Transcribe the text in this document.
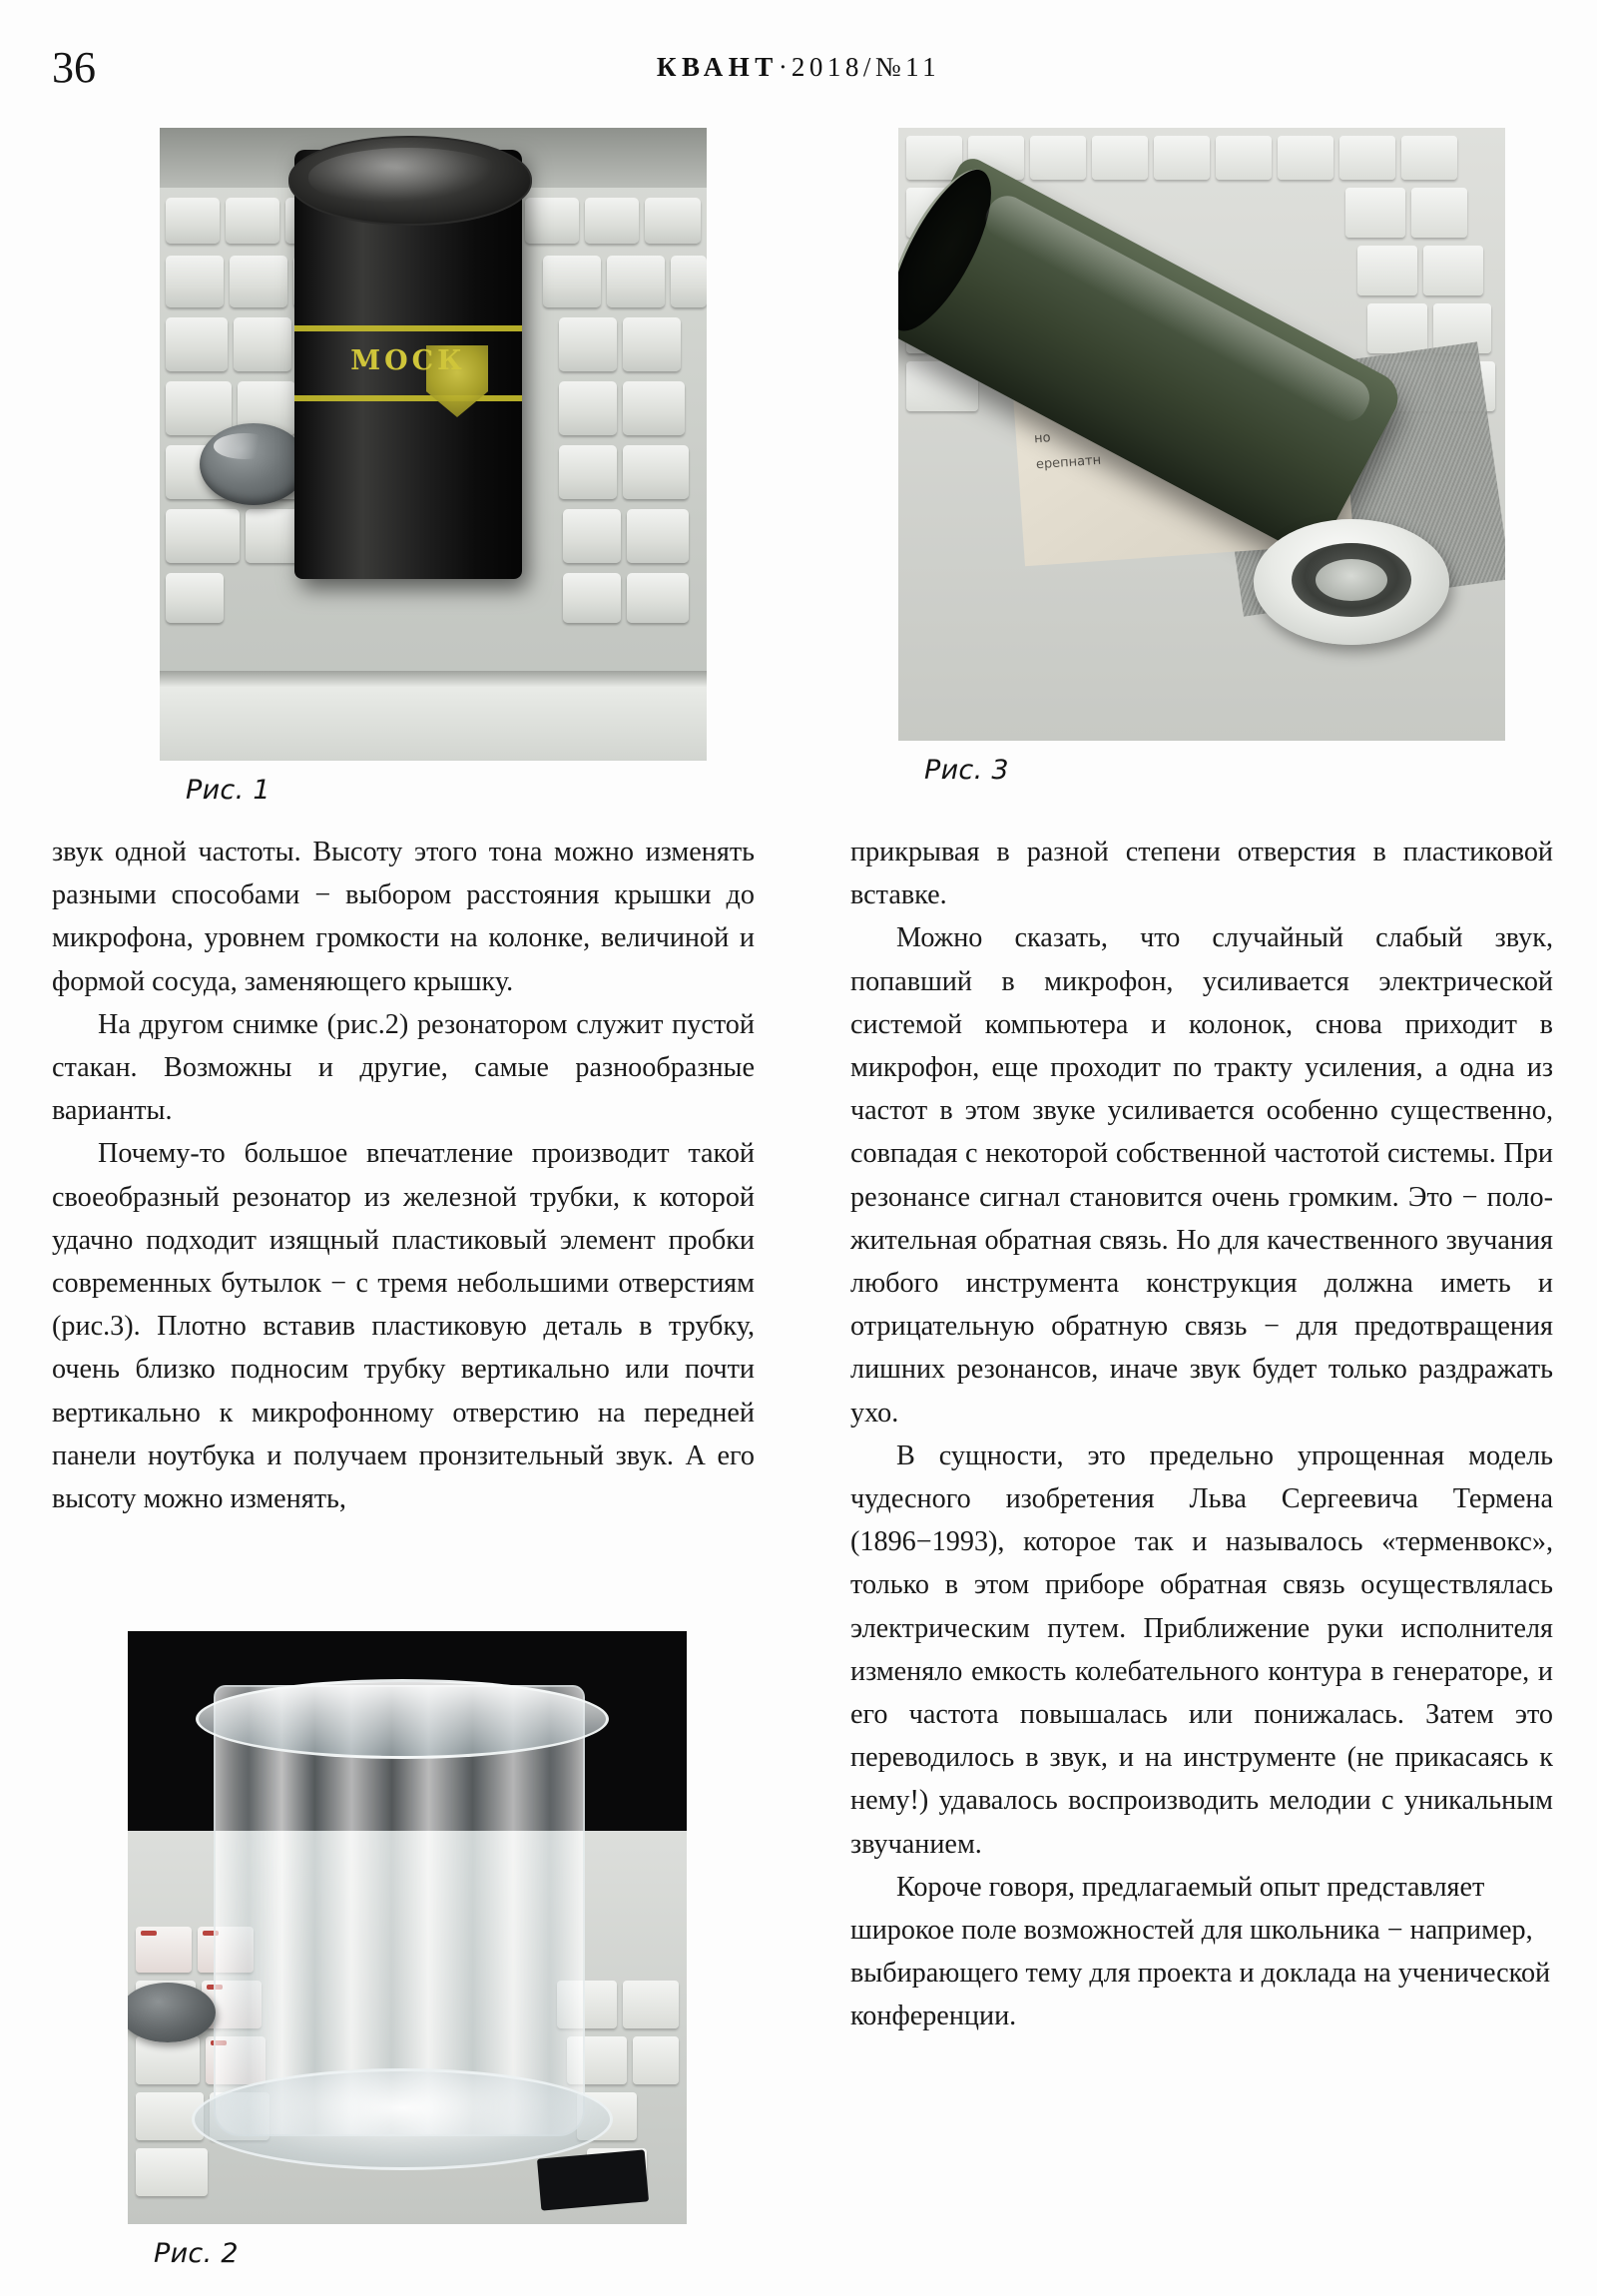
36	КВАНТ·2018/№11
МОСК
Рис. 1
но
ерепнатн
Рис. 3
Рис. 2

звук одной частоты. Высоту этого тона можно изменять разными способами − выбором расстояния крышки до микрофона, уровнем громкости на колонке, величиной и формой сосуда, заменяющего крышку.

На другом снимке (рис.2) резонатором служит пустой стакан. Возможны и другие, самые разнообразные варианты.

Почему-то большое впечатление производит такой своеобразный резонатор из железной трубки, к которой удачно подходит изящный пластиковый элемент пробки современных бутылок − с тремя небольшими отверстиям (рис.3). Плотно вставив пластиковую деталь в трубку, очень близко подносим трубку вертикально или почти вертикально к микрофонному отверстию на передней панели ноутбука и получаем пронзительный звук. А его высоту можно изменять,

прикрывая в разной степени отверстия в пластиковой вставке.

Можно сказать, что случайный слабый звук, попавший в микрофон, усиливается электрической системой компьютера и колонок, снова приходит в микрофон, еще проходит по тракту усиления, а одна из частот в этом звуке усиливается особенно существенно, совпадая с некоторой собственной частотой системы. При резонансе сигнал становится очень громким. Это − положительная обратная связь. Но для качественного звучания любого инструмента конструкция должна иметь и отрицательную обратную связь − для предотвращения лишних резонансов, иначе звук будет только раздражать ухо.

В сущности, это предельно упрощенная модель чудесного изобретения Льва Сергеевича Термена (1896−1993), которое так и называлось «терменвокс», только в этом приборе обратная связь осуществлялась электрическим путем. Приближение руки исполнителя изменяло емкость колебательного контура в генераторе, и его частота повышалась или понижалась. Затем это переводилось в звук, и на инструменте (не прикасаясь к нему!) удавалось воспроизводить мелодии с уникальным звучанием.

Короче говоря, предлагаемый опыт представляет широкое поле возможностей для школьника − например, выбирающего тему для проекта и доклада на ученической конференции.
